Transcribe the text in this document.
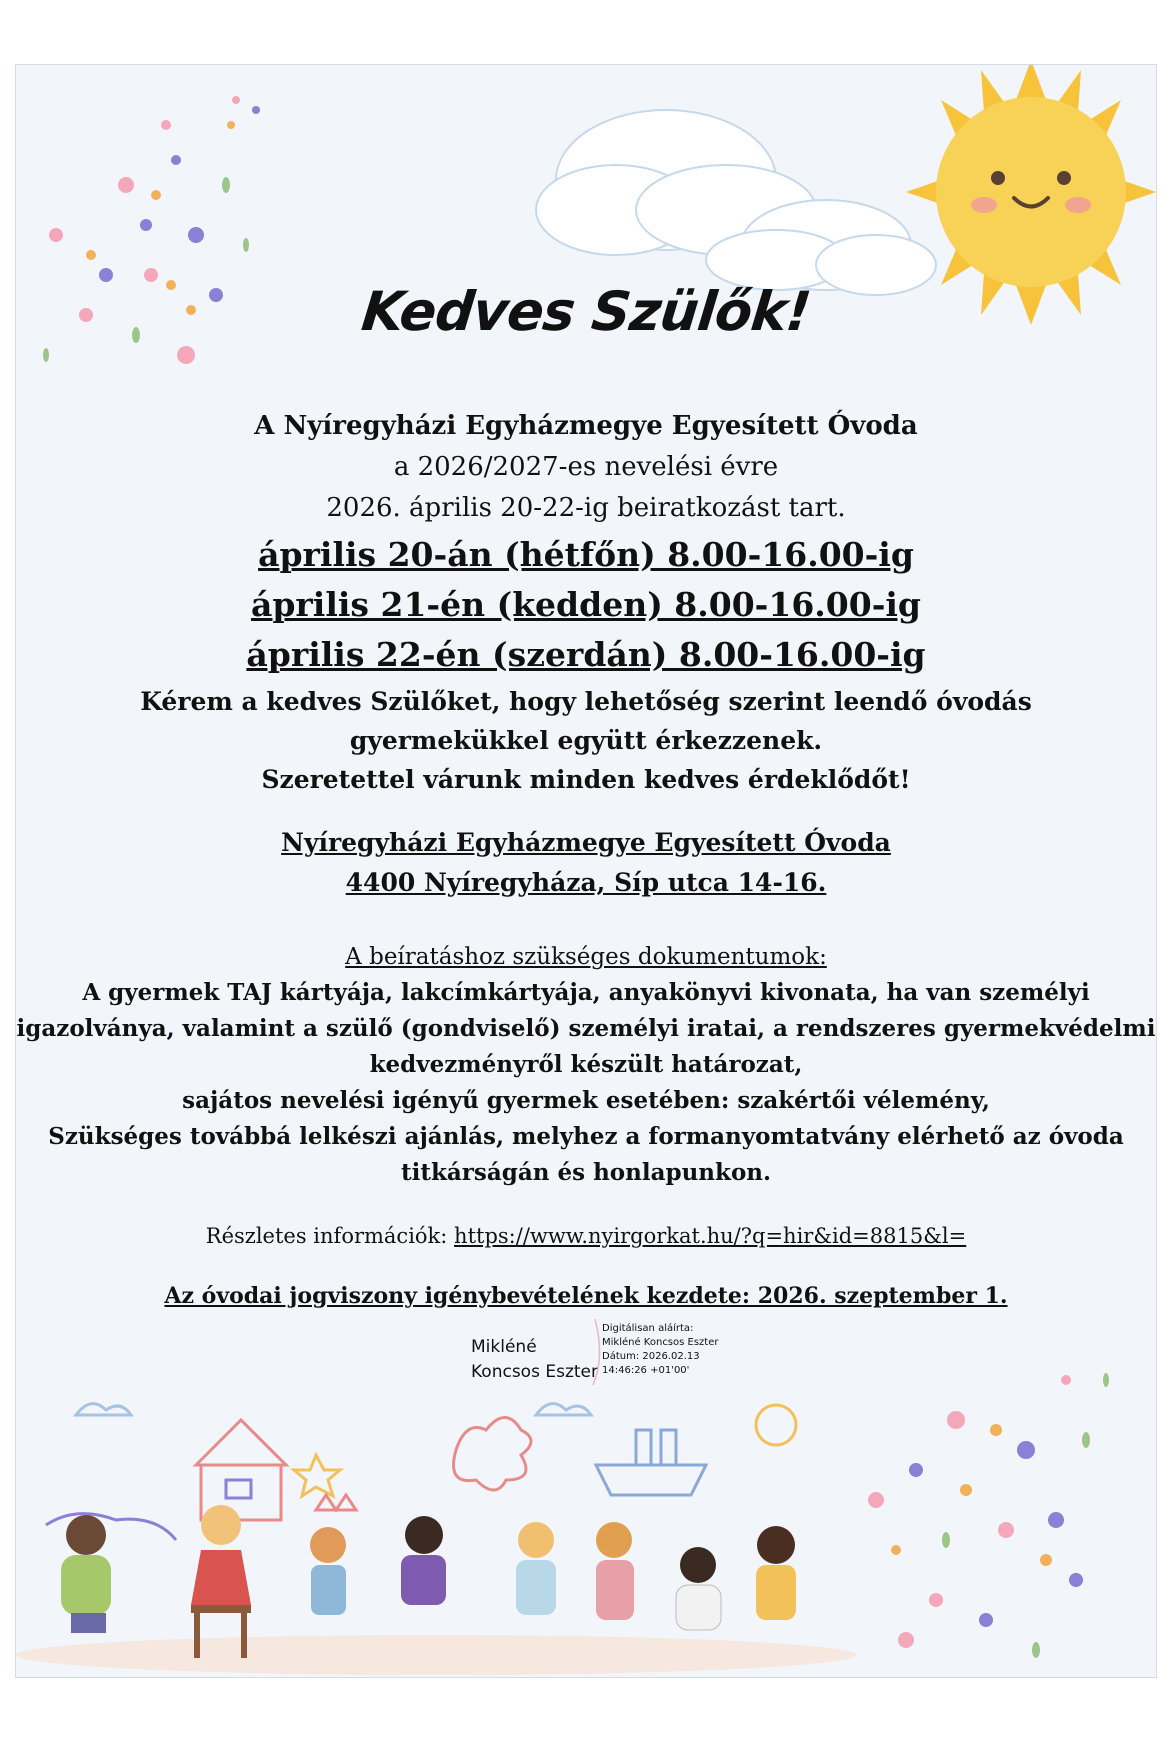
Kedves Szülők!
A Nyíregyházi Egyházmegye Egyesített Óvoda
a 2026/2027-es nevelési évre
2026. április 20-22-ig beiratkozást tart.
április 20-án (hétfőn) 8.00-16.00-ig
április 21-én (kedden) 8.00-16.00-ig
április 22-én (szerdán) 8.00-16.00-ig
Kérem a kedves Szülőket, hogy lehetőség szerint leendő óvodás
gyermekükkel együtt érkezzenek.
Szeretettel várunk minden kedves érdeklődőt!
Nyíregyházi Egyházmegye Egyesített Óvoda
4400 Nyíregyháza, Síp utca 14-16.
A beíratáshoz szükséges dokumentumok:
A gyermek TAJ kártyája, lakcímkártyája, anyakönyvi kivonata, ha van személyi
igazolványa, valamint a szülő (gondviselő) személyi iratai, a rendszeres gyermekvédelmi
kedvezményről készült határozat,
sajátos nevelési igényű gyermek esetében: szakértői vélemény,
Szükséges továbbá lelkészi ajánlás, melyhez a formanyomtatvány elérhető az óvoda
titkárságán és honlapunkon.
Részletes információk: https://www.nyirgorkat.hu/?q=hir&id=8815&l=
Az óvodai jogviszony igénybevételének kezdete: 2026. szeptember 1.
Mikléné
Koncsos Eszter
Digitálisan aláírta:
Mikléné Koncsos Eszter
Dátum: 2026.02.13
14:46:26 +01'00'
